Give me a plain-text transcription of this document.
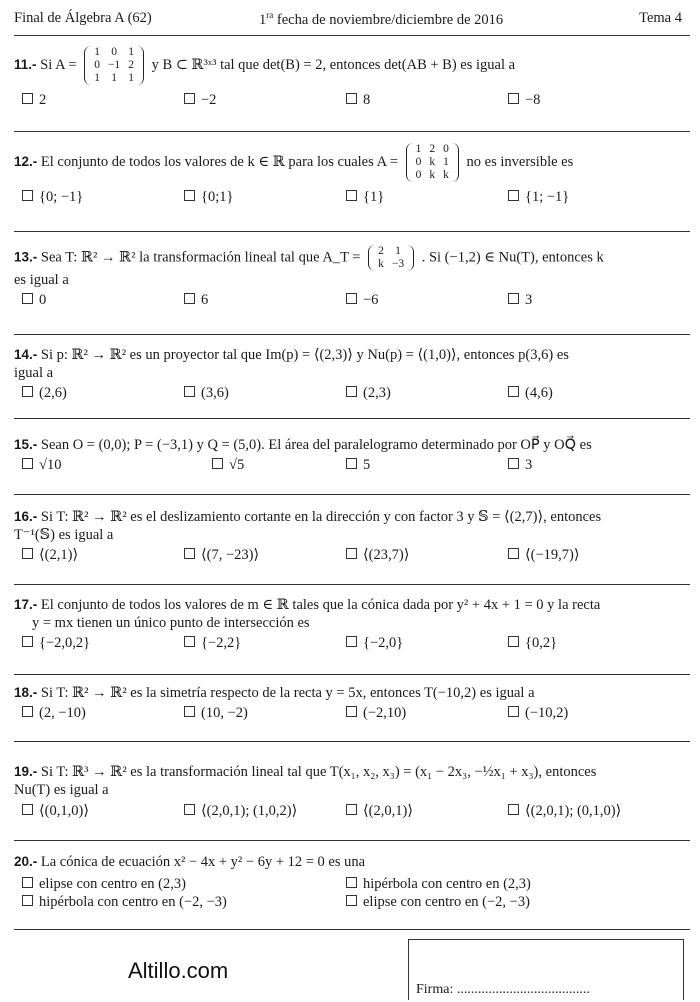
Final de Álgebra A (62)	$1^{ra}$ fecha de noviembre/diciembre de 2016	Tema 4
11.- Si A =
1	0	1
0	−1	2
1	1	1
y B ⊂ ℝ³ˣ³ tal que det(B) = 2, entonces det(AB + B) es igual a
2	−2	8	−8
12.- El conjunto de todos los valores de k ∈ ℝ para los cuales A =
1	2	0
0	k	1
0	k	k
no es inversible es
{0; −1}	{0;1}	{1}	{1; −1}
13.- Sea T: ℝ² → ℝ² la transformación lineal tal que A_T = 2	1
k	−3 . Si (−1,2) ∈ Nu(T), entonces k
es igual a
0	6	−6	3
14.- Si p: ℝ² → ℝ² es un proyector tal que Im(p) = ⟨(2,3)⟩ y Nu(p) = ⟨(1,0)⟩, entonces p(3,6) es
igual a
(2,6)	(3,6)	(2,3)	(4,6)
15.- Sean O = (0,0); P = (−3,1) y Q = (5,0). El área del paralelogramo determinado por OP⃗ y OQ⃗ es
√10	√5	5	3
16.- Si T: ℝ² → ℝ² es el deslizamiento cortante en la dirección y con factor 3 y 𝕊 = ⟨(2,7)⟩, entonces
T⁻¹(𝕊) es igual a
⟨(2,1)⟩	⟨(7, −23)⟩	⟨(23,7)⟩	⟨(−19,7)⟩
17.- El conjunto de todos los valores de m ∈ ℝ tales que la cónica dada por y² + 4x + 1 = 0 y la recta
y = mx tienen un único punto de intersección es
{−2,0,2}	{−2,2}	{−2,0}	{0,2}
18.- Si T: ℝ² → ℝ² es la simetría respecto de la recta y = 5x, entonces T(−10,2) es igual a
(2, −10)	(10, −2)	(−2,10)	(−10,2)
19.- Si T: ℝ³ → ℝ² es la transformación lineal tal que T(x₁, x₂, x₃) = (x₁ − 2x₃, −½x₁ + x₃), entonces
Nu(T) es igual a
⟨(0,1,0)⟩	⟨(2,0,1); (1,0,2)⟩	⟨(2,0,1)⟩	⟨(2,0,1); (0,1,0)⟩
20.- La cónica de ecuación x² − 4x + y² − 6y + 12 = 0 es una
elipse con centro en (2,3)	hipérbola con centro en (2,3)
hipérbola con centro en (−2, −3)	elipse con centro en (−2, −3)
Altillo.com
Firma: ......................................
